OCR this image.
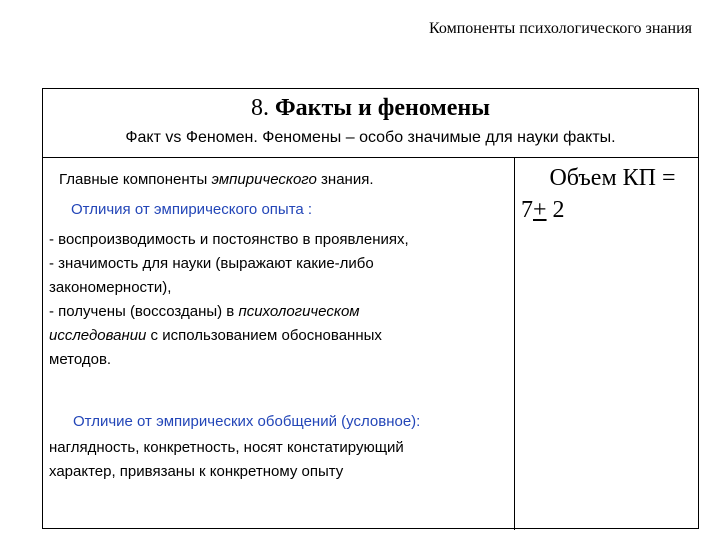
Компоненты психологического знания
8. Факты и феномены
Факт vs Феномен. Феномены – особо значимые для науки факты.
Главные компоненты эмпирического знания.
Отличия от эмпирического опыта :
- воспроизводимость и постоянство в проявлениях,
- значимость для науки (выражают какие-либо
закономерности),
- получены (воссозданы) в психологическом
исследовании с использованием обоснованных
методов.
Отличие от эмпирических обобщений (условное):
наглядность, конкретность, носят констатирующий
характер, привязаны к конкретному опыту
Объем КП =
7+ 2
